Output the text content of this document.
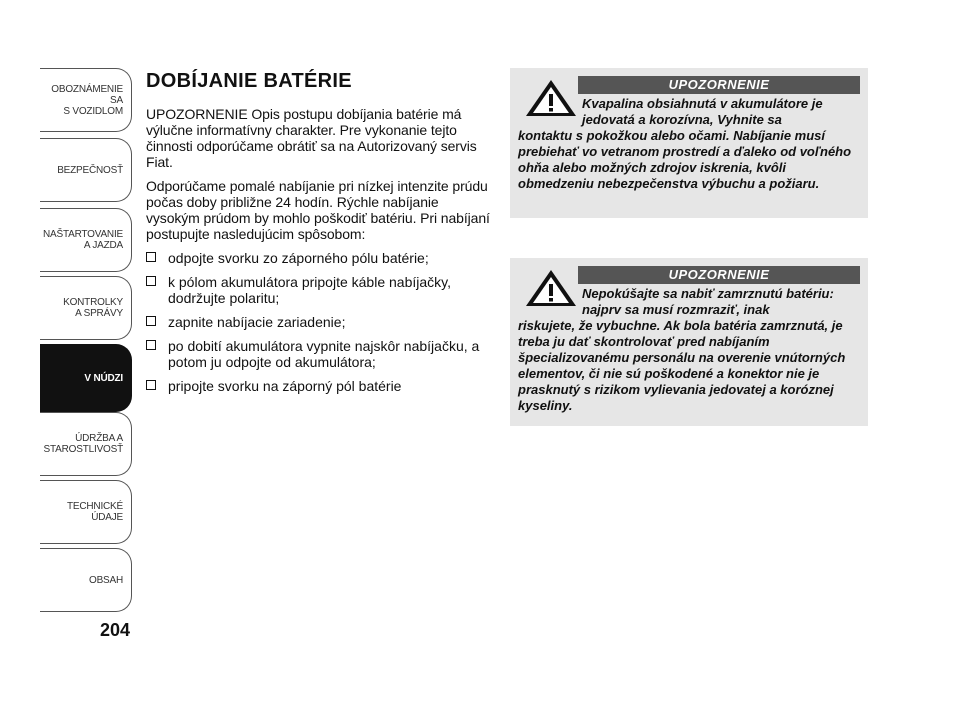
OBOZNÁMENIE SA
S VOZIDLOM
BEZPEČNOSŤ
NAŠTARTOVANIE
A JAZDA
KONTROLKY
A SPRÁVY
V NÚDZI
ÚDRŽBA A
STAROSTLIVOSŤ
TECHNICKÉ
ÚDAJE
OBSAH
204
DOBÍJANIE BATÉRIE

UPOZORNENIE Opis postupu dobíjania batérie má výlučne informatívny charakter. Pre vykonanie tejto činnosti odporúčame obrátiť sa na Autorizovaný servis Fiat.

Odporúčame pomalé nabíjanie pri nízkej intenzite prúdu počas doby približne 24 hodín. Rýchle nabíjanie vysokým prúdom by mohlo poškodiť batériu. Pri nabíjaní postupujte nasledujúcim spôsobom:

odpojte svorku zo záporného pólu batérie;
k pólom akumulátora pripojte káble nabíjačky, dodržujte polaritu;
zapnite nabíjacie zariadenie;
po dobití akumulátora vypnite najskôr nabíjačku, a potom ju odpojte od akumulátora;
pripojte svorku na záporný pól batérie
UPOZORNENIE
Kvapalina obsiahnutá v akumulátore je jedovatá a korozívna, Vyhnite sa
kontaktu s pokožkou alebo očami. Nabíjanie musí prebiehať vo vetranom prostredí a ďaleko od voľného ohňa alebo možných zdrojov iskrenia, kvôli obmedzeniu nebezpečenstva výbuchu a požiaru.
UPOZORNENIE
Nepokúšajte sa nabiť zamrznutú batériu: najprv sa musí rozmraziť, inak
riskujete, že vybuchne. Ak bola batéria zamrznutá, je treba ju dať skontrolovať pred nabíjaním špecializovanému personálu na overenie vnútorných elementov, či nie sú poškodené a konektor nie je prasknutý s rizikom vylievania jedovatej a koróznej kyseliny.
